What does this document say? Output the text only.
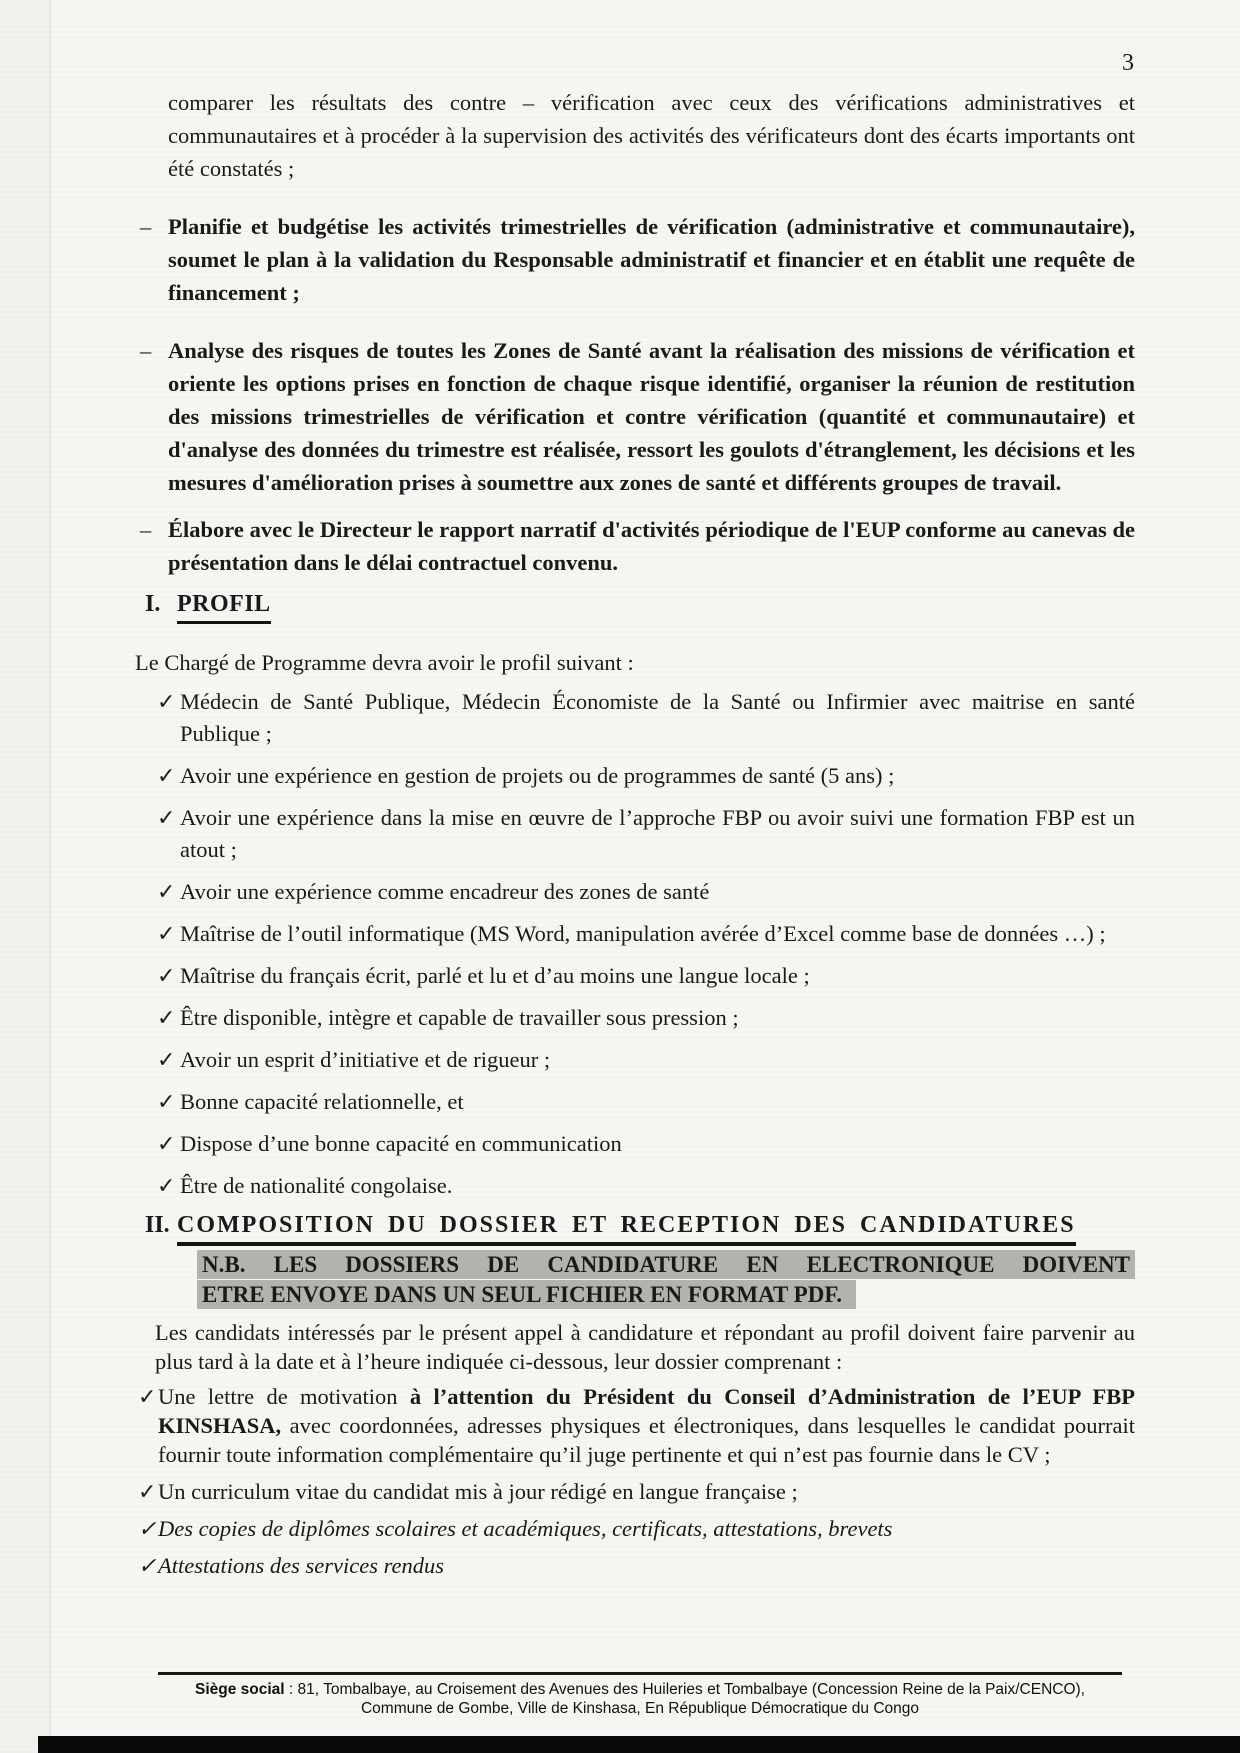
3

comparer les résultats des contre – vérification avec ceux des vérifications administratives et communautaires et à procéder à la supervision des activités des vérificateurs dont des écarts importants ont été constatés ;

– Planifie et budgétise les activités trimestrielles de vérification (administrative et communautaire), soumet le plan à la validation du Responsable administratif et financier et en établit une requête de financement ;
– Analyse des risques de toutes les Zones de Santé avant la réalisation des missions de vérification et oriente les options prises en fonction de chaque risque identifié, organiser la réunion de restitution des missions trimestrielles de vérification et contre vérification (quantité et communautaire) et d'analyse des données du trimestre est réalisée, ressort les goulots d'étranglement, les décisions et les mesures d'amélioration prises à soumettre aux zones de santé et différents groupes de travail.
– Élabore avec le Directeur le rapport narratif d'activités périodique de l'EUP conforme au canevas de présentation dans le délai contractuel convenu.
I. PROFIL

Le Chargé de Programme devra avoir le profil suivant :

✓ Médecin de Santé Publique, Médecin Économiste de la Santé ou Infirmier avec maitrise en santé Publique ;
✓ Avoir une expérience en gestion de projets ou de programmes de santé (5 ans) ;
✓ Avoir une expérience dans la mise en œuvre de l’approche FBP ou avoir suivi une formation FBP est un atout ;
✓ Avoir une expérience comme encadreur des zones de santé
✓ Maîtrise de l’outil informatique (MS Word, manipulation avérée d’Excel comme base de données …) ;
✓ Maîtrise du français écrit, parlé et lu et d’au moins une langue locale ;
✓ Être disponible, intègre et capable de travailler sous pression ;
✓ Avoir un esprit d’initiative et de rigueur ;
✓ Bonne capacité relationnelle, et
✓ Dispose d’une bonne capacité en communication
✓ Être de nationalité congolaise.
II. COMPOSITION DU DOSSIER ET RECEPTION DES CANDIDATURES
N.B. LES DOSSIERS DE CANDIDATURE EN ELECTRONIQUE DOIVENT
ETRE ENVOYE DANS UN SEUL FICHIER EN FORMAT PDF.

Les candidats intéressés par le présent appel à candidature et répondant au profil doivent faire parvenir au plus tard à la date et à l’heure indiquée ci-dessous, leur dossier comprenant :

✓ Une lettre de motivation à l’attention du Président du Conseil d’Administration de l’EUP FBP KINSHASA, avec coordonnées, adresses physiques et électroniques, dans lesquelles le candidat pourrait fournir toute information complémentaire qu’il juge pertinente et qui n’est pas fournie dans le CV ;
✓ Un curriculum vitae du candidat mis à jour rédigé en langue française ;
✓ Des copies de diplômes scolaires et académiques, certificats, attestations, brevets
✓ Attestations des services rendus
Siège social : 81, Tombalbaye, au Croisement des Avenues des Huileries et Tombalbaye (Concession Reine de la Paix/CENCO), Commune de Gombe, Ville de Kinshasa, En République Démocratique du Congo
